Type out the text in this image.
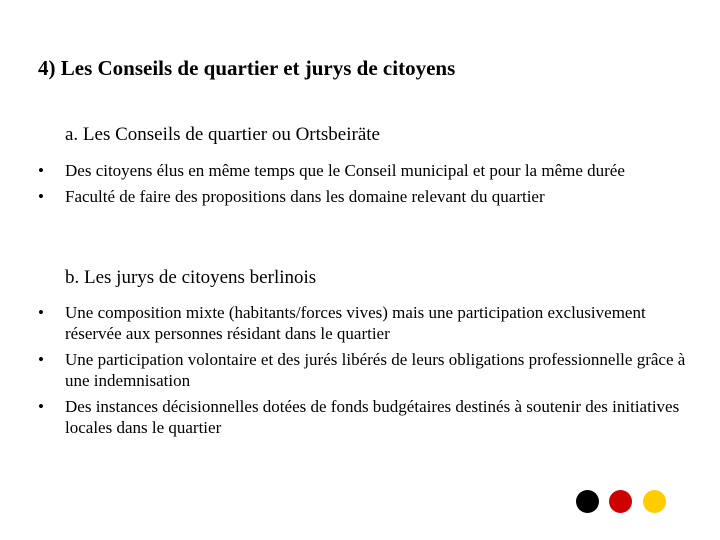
4) Les Conseils de quartier et jurys de citoyens
a. Les Conseils de quartier ou Ortsbeiräte
• Des citoyens élus en même temps que le Conseil municipal et pour la même durée
• Faculté de faire des propositions dans les domaine relevant du quartier
b. Les jurys de citoyens berlinois
• Une composition mixte (habitants/forces vives) mais une participation exclusivement réservée aux personnes résidant dans le quartier
• Une participation volontaire et des jurés libérés de leurs obligations professionnelle grâce à une indemnisation
• Des instances décisionnelles dotées de fonds budgétaires destinés à soutenir des initiatives locales dans le quartier
